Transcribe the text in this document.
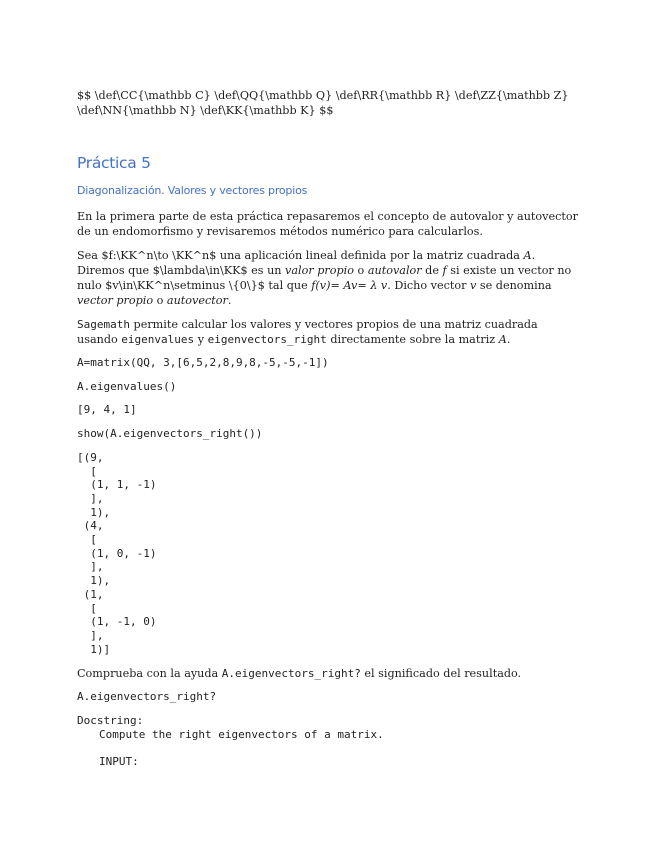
$$ \def\CC{\mathbb C} \def\QQ{\mathbb Q} \def\RR{\mathbb R} \def\ZZ{\mathbb Z} \def\NN{\mathbb N} \def\KK{\mathbb K} $$

Práctica 5
Diagonalización. Valores y vectores propios

En la primera parte de esta práctica repasaremos el concepto de autovalor y autovector de un endomorfismo y revisaremos métodos numérico para calcularlos.

Sea $f:\KK^n\to \KK^n$ una aplicación lineal definida por la matriz cuadrada A. Diremos que $\lambda\in\KK$ es un valor propio o autovalor de f si existe un vector no nulo $v\in\KK^n\setminus \{0\}$ tal que f(v)= Av= λ v. Dicho vector v se denomina vector propio o autovector.

Sagemath permite calcular los valores y vectores propios de una matriz cuadrada usando eigenvalues y eigenvectors_right directamente sobre la matriz A.

A=matrix(QQ, 3,[6,5,2,8,9,8,-5,-5,-1])
A.eigenvalues()
[9, 4, 1]
show(A.eigenvectors_right())
[(9,
[
(1, 1, -1)
],
1),
(4,
[
(1, 0, -1)
],
1),
(1,
[
(1, -1, 0)
],
1)]

Comprueba con la ayuda A.eigenvectors_right? el significado del resultado.

A.eigenvectors_right?
Docstring:
Compute the right eigenvectors of a matrix.

INPUT:
